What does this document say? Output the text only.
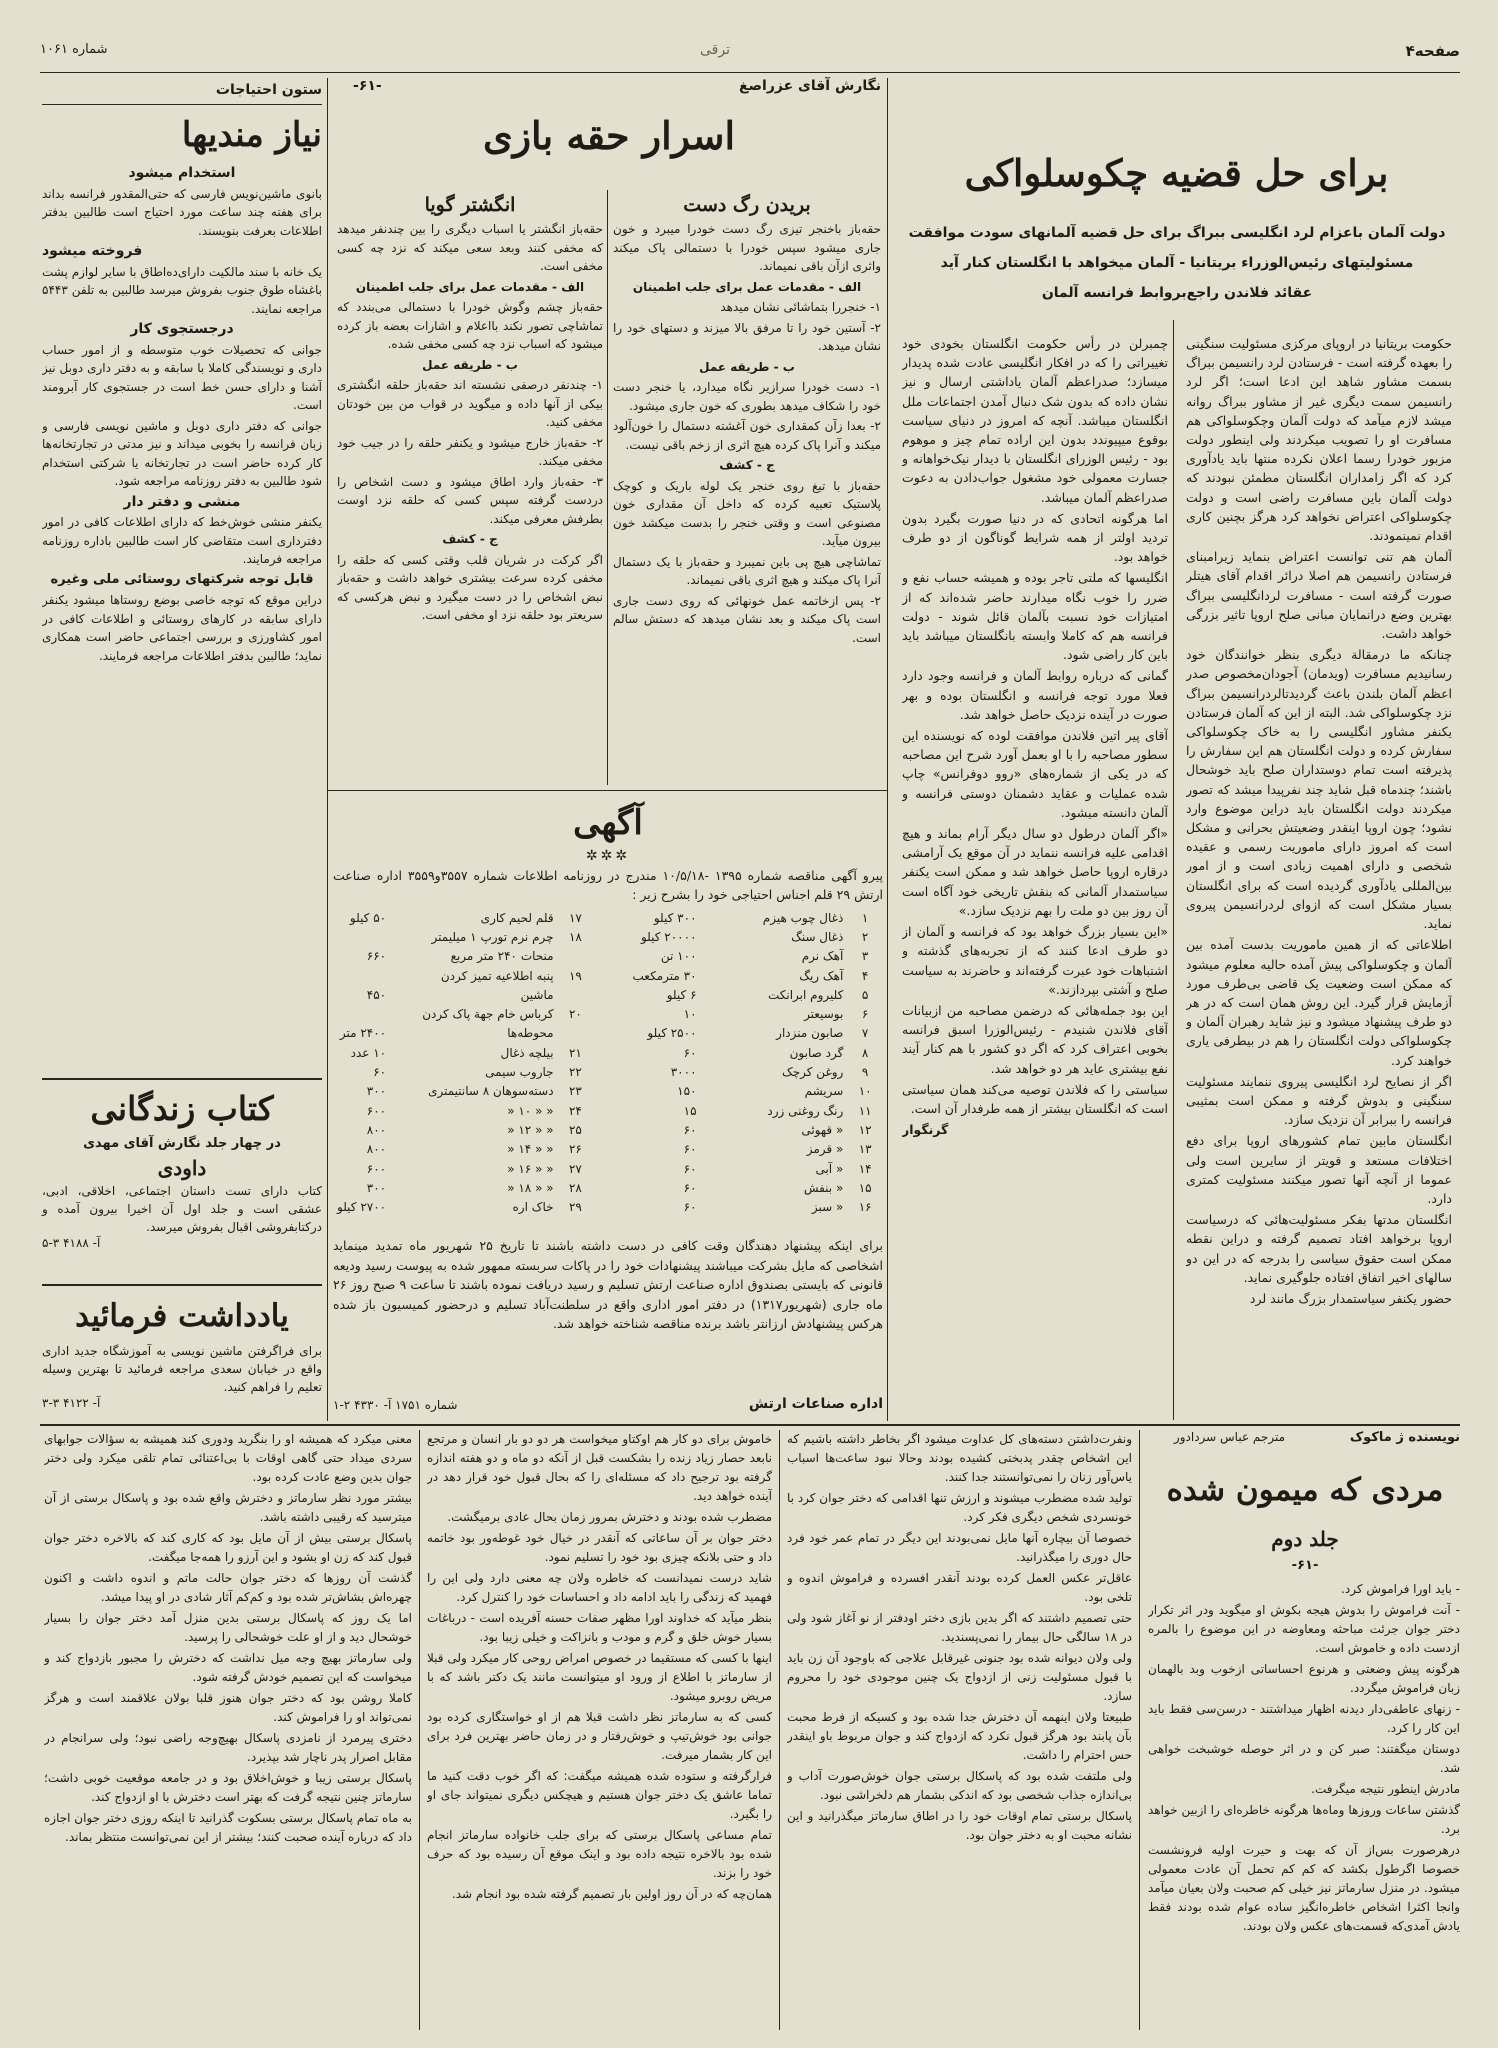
صفحه۴
ترقی
شماره ۱۰۶۱
برای حل قضیه چکوسلواکی
دولت آلمان باعزام لرد انگلیسی ببراگ برای حل قضیه آلمانهای سودت موافقت
مسئولیتهای رئیس‌الوزراء بریتانیا - آلمان میخواهد با انگلستان کنار آید
عقائد فلاندن راجع‌بروابط فرانسه آلمان

حکومت بریتانیا در اروپای مرکزی مسئولیت سنگینی را بعهده گرفته است - فرستادن لرد رانسیمن ببراگ بسمت مشاور شاهد این ادعا است؛ اگر لرد رانسیمن سمت دیگری غیر از مشاور ببراگ روانه میشد لازم میآمد که دولت آلمان وچکوسلواکی هم مسافرت او را تصویب میکردند ولی اینطور دولت مزبور خودرا رسما اعلان نکرده منتها باید یادآوری کرد که اگر زامداران انگلستان مطمئن نبودند که دولت آلمان باین مسافرت راضی است و دولت چکوسلواکی اعتراض نخواهد کرد هرگز بچنین کاری اقدام نمینمودند.

آلمان هم تنی توانست اعتراض بنماید زیرامبنای فرستادن رانسیمن هم اصلا درائر اقدام آقای هیتلر صورت گرفته است - مسافرت لردانگلیسی ببراگ بهترین وضع درانمایان مبانی صلح اروپا تاثیر بزرگی خواهد داشت.

چنانکه ما درمقالة دیگری بنظر خوانندگان خود رسانیدیم مسافرت (ویدمان) آجودان‌مخصوص صدر اعظم آلمان بلندن باعث گردیدتالردرانسیمن ببراگ نزد چکوسلواکی شد. البته از این که آلمان فرستادن یکنفر مشاور انگلیسی را به خاک چکوسلواکی سفارش کرده و دولت انگلستان هم این سفارش را پذیرفته است تمام دوستداران صلح باید خوشحال باشند؛ چندماه قبل شاید چند نفرپیدا میشد که تصور میکردند دولت انگلستان باید دراین موضوع وارد نشود؛ چون اروپا اینقدر وضعیتش بحرانی و مشکل است که امروز دارای ماموریت رسمی و عقیده شخصی و دارای اهمیت زیادی است و از امور بین‌المللی یادآوری گردیده است که برای انگلستان بسیار مشکل است که ازوای لردرانسیمن پیروی نماید.

اطلاعاتی که از همین ماموریت بدست آمده بین آلمان و چکوسلواکی پیش آمده حالیه معلوم میشود که ممکن است وضعیت یک قاضی بی‌طرف مورد آزمایش قرار گیرد. این روش همان است که در هر دو طرف پیشنهاد میشود و نیز شاید رهبران آلمان و چکوسلواکی دولت انگلستان را هم در بیطرفی یاری خواهند کرد.

اگر از نصایح لرد انگلیسی پیروی ننمایند مسئولیت سنگینی و بدوش گرفته و ممکن است بمثیبی فرانسه را ببرابر آن نزدیک سازد.

انگلستان مابین تمام کشورهای اروپا برای دفع اختلافات مستعد و قویتر از سایرین است ولی عموما از آنچه آنها تصور میکنند مسئولیت کمتری دارد.

انگلستان مدتها بفکر مسئولیت‌هائی که درسیاست اروپا برخواهد افتاد تصمیم گرفته و دراین نقطه ممکن است حقوق سیاسی را بدرجه که در این دو سالهای اخیر اتفاق افتاده جلوگیری نماید.

حضور یکنفر سیاستمدار بزرگ مانند لرد

چمبرلن در رأس حکومت انگلستان بخودی خود تغییراتی را که در افکار انگلیسی عادت شده پدیدار میسازد؛ صدراعظم آلمان یاداشتی ارسال و نیز نشان داده که بدون شک دنبال آمدن اجتماعات ملل انگلستان میباشد. آنچه که امروز در دنیای سیاست بوقوع میپیوندد بدون این اراده تمام چیز و موهوم بود - رئیس الوزرای انگلستان با دیدار نیک‌خواهانه و جسارت معمولی خود مشغول جواب‌دادن به دعوت صدراعظم آلمان میباشد.

اما هرگونه اتحادی که در دنیا صورت بگیرد بدون تردید اولتر از همه شرایط گوناگون از دو طرف خواهد بود.

انگلیسها که ملتی تاجر بوده و همیشه حساب نفع و ضرر را خوب نگاه میدارند حاضر شده‌اند که از امتیازات خود نسبت بآلمان قائل شوند - دولت فرانسه هم که کاملا وابسته بانگلستان میباشد باید باین کار راضی شود.

گمانی که درباره روابط آلمان و فرانسه وجود دارد فعلا مورد توجه فرانسه و انگلستان بوده و بهر صورت در آینده نزدیک حاصل خواهد شد.

آقای پیر اتین فلاندن موافقت لوده که نویسنده این سطور مصاحبه را با او بعمل آورد شرح این مصاحبه که در یکی از شماره‌های «روو دوفرانس» چاپ شده عملیات و عقاید دشمنان دوستی فرانسه و آلمان دانسته میشود.

«اگر آلمان درطول دو سال دیگر آرام بماند و هیچ اقدامی علیه فرانسه ننماید در آن موقع یک آرامشی درقاره اروپا حاصل خواهد شد و ممکن است یکنفر سیاستمدار آلمانی که بنقش تاریخی خود آگاه است آن روز بین دو ملت را بهم نزدیک سازد.»

«این بسیار بزرگ خواهد بود که فرانسه و آلمان از دو طرف ادعا کنند که از تجربه‌های گذشته و اشتباهات خود عبرت گرفته‌اند و حاضرند به سیاست صلح و آشتی بپردازند.»

این بود جمله‌هائی که درضمن مصاحبه من ازبیانات آقای فلاندن شنیدم - رئیس‌الوزرا اسبق فرانسه بخوبی اعتراف کرد که اگر دو کشور با هم کنار آیند نفع بیشتری عاید هر دو خواهد شد.

سیاستی را که فلاندن توصیه می‌کند همان سیاستی است که انگلستان بیشتر از همه طرفدار آن است.

گرنگوار

نگارش آقای عزراصغ
-۶۱-
اسرار حقه بازی
بریدن رگ دست

حقه‌باز باخنجر تیزی رگ دست خودرا میبرد و خون جاری میشود سپس خودرا با دستمالی پاک میکند واثری ازآن باقی نمیماند.

الف - مقدمات عمل برای جلب اطمینان

۱- خنجررا بتماشائی نشان میدهد

۲- آستین خود را تا مرفق بالا میزند و دستهای خود را نشان میدهد.

ب - طریقه عمل

۱- دست خودرا سرازیر نگاه میدارد، یا خنجر دست خود را شکاف میدهد بطوری که خون جاری میشود.

۲- بعدا زآن کمقداری خون آغشته دستمال را خون‌آلود میکند و آنرا پاک کرده هیچ اثری از زخم باقی نیست.

ج - کشف

حقه‌باز با تیغ روی خنجر یک لوله باریک و کوچک پلاستیک تعبیه کرده که داخل آن مقداری خون مصنوعی است و وقتی خنجر را بدست میکشد خون بیرون میآید.

تماشاچی هیچ پی باین نمیبرد و حقه‌باز با یک دستمال آنرا پاک میکند و هیچ اثری باقی نمیماند.

۲- پس ازخاتمه عمل خونهائی که روی دست جاری است پاک میکند و بعد نشان میدهد که دستش سالم است.

انگشتر گویا

حقه‌باز انگشتر یا اسباب دیگری را بین چندنفر میدهد که مخفی کنند وبعد سعی میکند که نزد چه کسی مخفی است.

الف - مقدمات عمل برای جلب اطمینان

حقه‌باز چشم وگوش خودرا با دستمالی می‌بندد که تماشاچی تصور نکند بااعلام و اشارات بعضه باز کرده میشود که اسباب نزد چه کسی مخفی شده.

ب - طریقه عمل

۱- چندنفر درصفی نشسته اند حقه‌باز حلقه انگشتری بیکی از آنها داده و میگوید در قواب من بین خودتان مخفی کنید.

۲- حقه‌باز خارج میشود و یکنفر حلقه را در جیب خود مخفی میکند.

۳- حقه‌باز وارد اطاق میشود و دست اشخاص را دردست گرفته سپس کسی که حلقه نزد اوست بطرفش معرفی میکند.

ج - کشف

اگر کرکت در شریان قلب وقتی کسی که حلقه را مخفی کرده سرعت بیشتری خواهد داشت و حقه‌باز نبض اشخاص را در دست میگیرد و نبض هرکسی که سریعتر بود حلقه نزد او مخفی است.

آگهی
✲✲✲
پیرو آگهی مناقصه شماره ۱۳۹۵ -۱۰/۵/۱۸ مندرج در روزنامه اطلاعات شماره ۳۵۵۷و۳۵۵۹ اداره صناعت ارتش ۲۹ قلم اجناس احتیاجی خود را بشرح زیر :
۱	ذغال چوب هیزم	۳۰۰ کیلو	۱۷	قلم لحیم کاری	۵۰ کیلو
۲	ذغال سنگ	۲۰۰۰۰ کیلو	۱۸	چرم نرم تورپ ۱ میلیمتر	
۳	آهک نرم	۱۰۰ تن		منحات ۲۴۰ متر مربع	۶۶۰
۴	آهک ریگ	۳۰ مترمکعب	۱۹	پنبه اطلاعیه تمیز کردن	
۵	کلیروم ابرانکت	۶ کیلو		ماشین	۴۵۰
۶	بوسیعتر	۱۰	۲۰	کرباس خام جهة پاک کردن	
۷	صابون منزدار	۲۵۰۰ کیلو		محوطه‌ها	۲۴۰۰ متر
۸	گرد صابون	۶۰	۲۱	بیلچه ذغال	۱۰ عدد
۹	روغن کرچک	۳۰۰۰	۲۲	جاروب سیمی	۶۰
۱۰	سریشم	۱۵۰	۲۳	دسته‌سوهان ۸ سانتیمتری	۳۰۰
۱۱	رنگ روغنی زرد	۱۵	۲۴	« « ۱۰ «	۶۰۰
۱۲	« قهوئی	۶۰	۲۵	« « ۱۲ «	۸۰۰
۱۳	« قرمز	۶۰	۲۶	« « ۱۴ «	۸۰۰
۱۴	« آبی	۶۰	۲۷	« « ۱۶ «	۶۰۰
۱۵	« بنفش	۶۰	۲۸	« « ۱۸ «	۳۰۰
۱۶	« سبز	۶۰	۲۹	خاک اره	۲۷۰۰ کیلو
برای اینکه پیشنهاد دهندگان وقت کافی در دست داشته باشند تا تاریخ ۲۵ شهریور ماه تمدید مینماید اشخاصی که مایل بشرکت میباشند پیشنهادات خود را در پاکات سربسته ممهور شده به پیوست رسید ودیعه قانونی که بایستی بصندوق اداره صناعت ارتش تسلیم و رسید دریافت نموده باشند تا ساعت ۹ صبح روز ۲۶ ماه جاری (شهریور۱۳۱۷) در دفتر امور اداری واقع در سلطنت‌آباد تسلیم و درحضور کمیسیون باز شده هرکس پیشنهادش ارزانتر باشد برنده مناقصه شناخته خواهد شد.
اداره صناعات ارتش
شماره ۱۷۵۱ آ- ۴۳۳۰ ۲-۱
ستون احتیاجات
نیاز مندیها

استخدام میشود

بانوی ماشین‌نویس فارسی که حتی‌المقدور فرانسه بداند برای هفته چند ساعت مورد احتیاج است طالبین بدفتر اطلاعات بعرفت بنویسند.

فروخته میشود

یک خانه با سند مالکیت دارای‌ده‌اطاق با سایر لوازم پشت باغشاه طوق جنوب بفروش میرسد طالبین به تلفن ۵۴۴۳ مراجعه نمایند.

درجستجوی کار

جوانی که تحصیلات خوب متوسطه و از امور حساب داری و نویسندگی کاملا با سابقه و به دفتر داری دوبل نیز آشنا و دارای حسن خط است در جستجوی کار آبرومند است.

جوانی که دفتر داری دوبل و ماشین نویسی فارسی و زبان فرانسه را بخوبی میداند و نیز مدتی در تجارتخانه‌ها کار کرده حاضر است در تجارتخانه یا شرکتی استخدام شود طالبین به دفتر روزنامه مراجعه شود.

منشی و دفتر دار

یکنفر منشی خوش‌خط که دارای اطلاعات کافی در امور دفترداری است متقاضی کار است طالبین باداره روزنامه مراجعه فرمایند.

قابل توجه شرکتهای روستائی ملی وغیره

دراین موقع که توجه خاصی بوضع روستاها میشود یکنفر دارای سابقه در کارهای روستائی و اطلاعات کافی در امور کشاورزی و بررسی اجتماعی حاضر است همکاری نماید؛ طالبین بدفتر اطلاعات مراجعه فرمایند.

کتاب زندگانی
در چهار جلد نگارش آقای مهدی
داودی
کتاب دارای تست داستان اجتماعی، اخلاقی، ادبی، عشقی است و جلد اول آن اخیرا بیرون آمده و درکتابفروشی اقبال بفروش میرسد.
آ- ۴۱۸۸ ۳-۵
یادداشت فرمائید
برای فراگرفتن ماشین نویسی به آموزشگاه جدید اداری واقع در خیابان سعدی مراجعه فرمائید تا بهترین وسیله تعلیم را فراهم کنید.
آ- ۴۱۲۲ ۳-۳
نویسنده ژ ماکوک
مترجم عباس سردادور
مردی که میمون شده
جلد دوم
-۶۱-

- باید اورا فراموش کرد.

- آنت فراموش را بدوش هیجه بکوش او میگوید ودر اثر تکرار دختر جوان جرئت مباحثه ومعاوضه در این موضوع را بالمره ازدست داده و خاموش است.

هرگونه پیش وضعتی و هرنوع احساساتی ازخوب وبد بالهمان زبان فراموش میگردد.

- زنهای عاطفی‌دار دیدنه اظهار میداشتند - درسن‌سی فقط باید این کار را کرد.

دوستان میگفتند: صبر کن و در اثر حوصله خوشبخت خواهی شد.

مادرش اینطور نتیجه میگرفت.

گذشتن ساعات وروزها وماه‌ها هرگونه خاطره‌ای را ازبین خواهد برد.

درهرصورت بس‌از آن که بهت و حیرت اولیه فرونشست خصوصا اگرطول بکشد که کم کم تحمل آن عادت معمولی میشود. در منزل سارماتز نیز خیلی کم صحبت ولان بعیان میآمد وانجا اکثرا اشخاص خاطره‌انگیز ساده عوام شده بودند فقط یادش آمدی‌که قسمت‌های عکس ولان بودند.

ونفرت‌داشتن دسته‌های کل عداوت میشود اگر بخاطر داشته باشیم که این اشخاص چقدر پدبختی کشیده بودند وحالا نبود ساعت‌ها اسباب یاس‌آور زنان را نمی‌توانستند جدا کنند.

تولید شده مضطرب میشوند و ارزش تنها اقدامی که دختر جوان کرد با خونسردی شخص دیگری فکر کرد.

خصوصا آن بیچاره آنها مایل نمی‌بودند این دیگر در تمام عمر خود فرد حال دوری را میگذرانید.

عاقل‌تر عکس العمل کرده بودند آنقدر افسرده و فراموش اندوه و تلخی بود.

حتی تصمیم داشتند که اگر بدین بازی دختر اودفتر از نو آغاز شود ولی در ۱۸ سالگی حال بیمار را نمی‌پسندید.

ولی ولان دیوانه شده بود جنونی غیرقابل علاجی که باوجود آن زن باید با قبول مسئولیت زنی از ازدواج یک چنین موجودی خود را محروم سازد.

طبیعتا ولان اینهمه آن دخترش جدا شده بود و کسیکه از فرط محبت بآن پابند بود هرگز قبول نکرد که ازدواج کند و جوان مربوط باو اینقدر حس احترام را داشت.

ولی ملتفت شده بود که پاسکال برستی جوان خوش‌صورت آداب و بی‌اندازه جذاب شخصی بود که اندکی بشمار هم دلخراشی نبود.

پاسکال برستی تمام اوقات خود را در اطاق سارماتز میگذرانید و این نشانه محبت او به دختر جوان بود.

خاموش برای دو کار هم اوکتاو میخواست هر دو دو بار انسان و مرتجع نابعد حصار زیاد زنده را بشکست قبل از آنکه دو ماه و دو هفته اندازه گرفته بود ترجیح داد که مسئله‌ای را که بحال قبول خود قرار دهد در آینده خواهد دید.

مضطرب شده بودند و دخترش بمرور زمان بحال عادی برمیگشت.

دختر جوان بر آن ساعاتی که آنقدر در خیال خود غوطه‌ور بود خاتمه داد و حتی بلانکه چیزی بود خود را تسلیم نمود.

شاید درست نمیدانست که خاطره ولان چه معنی دارد ولی این را فهمید که زندگی را باید ادامه داد و احساسات خود را کنترل کرد.

بنظر میآید که خداوند اورا مظهر صفات حسنه آفریده است - درباغات بسیار خوش خلق و گرم و مودب و بانزاکت و خیلی زیبا بود.

اینها با کسی که مستقیما در خصوص امراض روحی کار میکرد ولی قبلا از سارماتز با اطلاع از ورود او میتوانست مانند یک دکتر باشد که با مریض روبرو میشود.

کسی که به سارماتز نظر داشت قبلا هم از او خواستگاری کرده بود جوانی بود خوش‌تیپ و خوش‌رفتار و در زمان حاضر بهترین فرد برای این کار بشمار میرفت.

فرارگرفته و ستوده شده همیشه میگفت: که اگر خوب دقت کنید ما تماما عاشق یک دختر جوان هستیم و هیچکس دیگری نمیتواند جای او را بگیرد.

تمام مساعی پاسکال برستی که برای جلب خانواده سارماتز انجام شده بود بالاخره نتیجه داده بود و اینک موقع آن رسیده بود که حرف خود را بزند.

همان‌چه که در آن روز اولین بار تصمیم گرفته شده بود انجام شد.

معنی میکرد که همیشه او را بنگرید ودوری کند همیشه به سؤالات جوابهای سردی میداد حتی گاهی اوقات با بی‌اعتنائی تمام تلقی میکرد ولی دختر جوان بدین وضع عادت کرده بود.

بیشتر مورد نظر سارماتز و دخترش واقع شده بود و پاسکال برستی از آن میترسید که رقیبی داشته باشد.

پاسکال برستی بیش از آن مایل بود که کاری کند که بالاخره دختر جوان قبول کند که زن او بشود و این آرزو را همه‌جا میگفت.

گذشت آن روزها که دختر جوان حالت ماتم و اندوه داشت و اکنون چهره‌اش بشاش‌تر شده بود و کم‌کم آثار شادی در او پیدا میشد.

اما یک روز که پاسکال برستی بدین منزل آمد دختر جوان را بسیار خوشحال دید و از او علت خوشحالی را پرسید.

ولی سارماتز بهیچ وجه میل نداشت که دخترش را مجبور بازدواج کند و میخواست که این تصمیم خودش گرفته شود.

کاملا روشن بود که دختر جوان هنوز قلبا بولان علاقمند است و هرگز نمی‌تواند او را فراموش کند.

دختری پیرمرد از نامزدی پاسکال بهیچ‌وجه راضی نبود؛ ولی سرانجام در مقابل اصرار پدر ناچار شد بپذیرد.

پاسکال برستی زیبا و خوش‌اخلاق بود و در جامعه موقعیت خوبی داشت؛ سارماتز چنین نتیجه گرفت که بهتر است دخترش با او ازدواج کند.

به ماه تمام پاسکال برستی بسکوت گذرانید تا اینکه روزی دختر جوان اجازه داد که درباره آینده صحبت کنند؛ بیشتر از این نمی‌توانست منتظر بماند.
